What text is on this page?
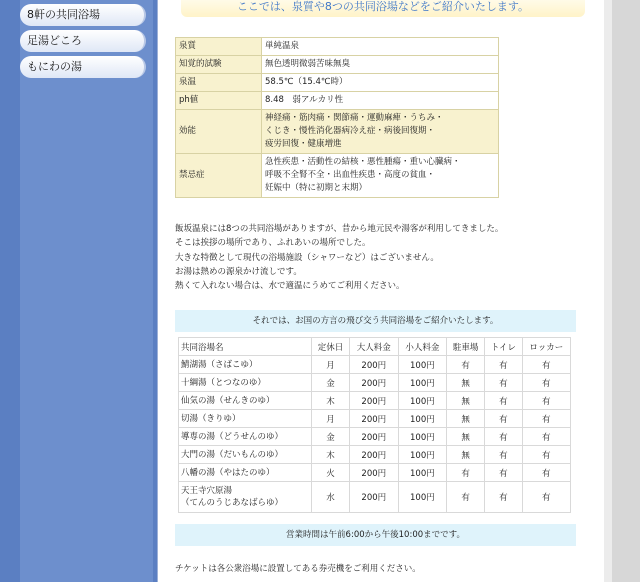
8軒の共同浴場
足湯どころ
もにわの湯
ここでは、泉質や8つの共同浴場などをご紹介いたします。
泉質	単純温泉

知覚的試験	無色透明微弱苦味無臭

泉温	58.5℃（15.4℃時）

ph値	8.48　弱アルカリ性

効能	神経痛・筋肉痛・関節痛・運動麻痺・うちみ・
くじき・慢性消化器病冷え症・病後回復期・
疲労回復・健康増進

禁忌症	急性疾患・活動性の結核・悪性腫瘍・重い心臓病・
呼吸不全腎不全・出血性疾患・高度の貧血・
妊娠中（特に初期と末期）
飯坂温泉には8つの共同浴場がありますが、昔から地元民や湯客が利用してきました。
そこは挨拶の場所であり、ふれあいの場所でした。
大きな特徴として現代の浴場施設（シャワーなど）はございません。
お湯は熱めの源泉かけ流しです。
熱くて入れない場合は、水で適温にうめてご利用ください。
それでは、お国の方言の飛び交う共同浴場をご紹介いたします。
共同浴場名	定休日	大人料金	小人料金	駐車場	トイレ	ロッカー
鯖湖湯（さばこゆ）	月	200円	100円	有	有	有
十綱湯（とつなのゆ）	金	200円	100円	無	有	有
仙気の湯（せんきのゆ）	木	200円	100円	無	有	有
切湯（きりゆ）	月	200円	100円	無	有	有
導専の湯（どうせんのゆ）	金	200円	100円	無	有	有
大門の湯（だいもんのゆ）	木	200円	100円	無	有	有
八幡の湯（やはたのゆ）	火	200円	100円	有	有	有

天王寺穴原湯
（てんのうじあなばらゆ）	水	200円	100円	有	有	有
営業時間は午前6:00から午後10:00までです。
チケットは各公衆浴場に設置してある券売機をご利用ください。
